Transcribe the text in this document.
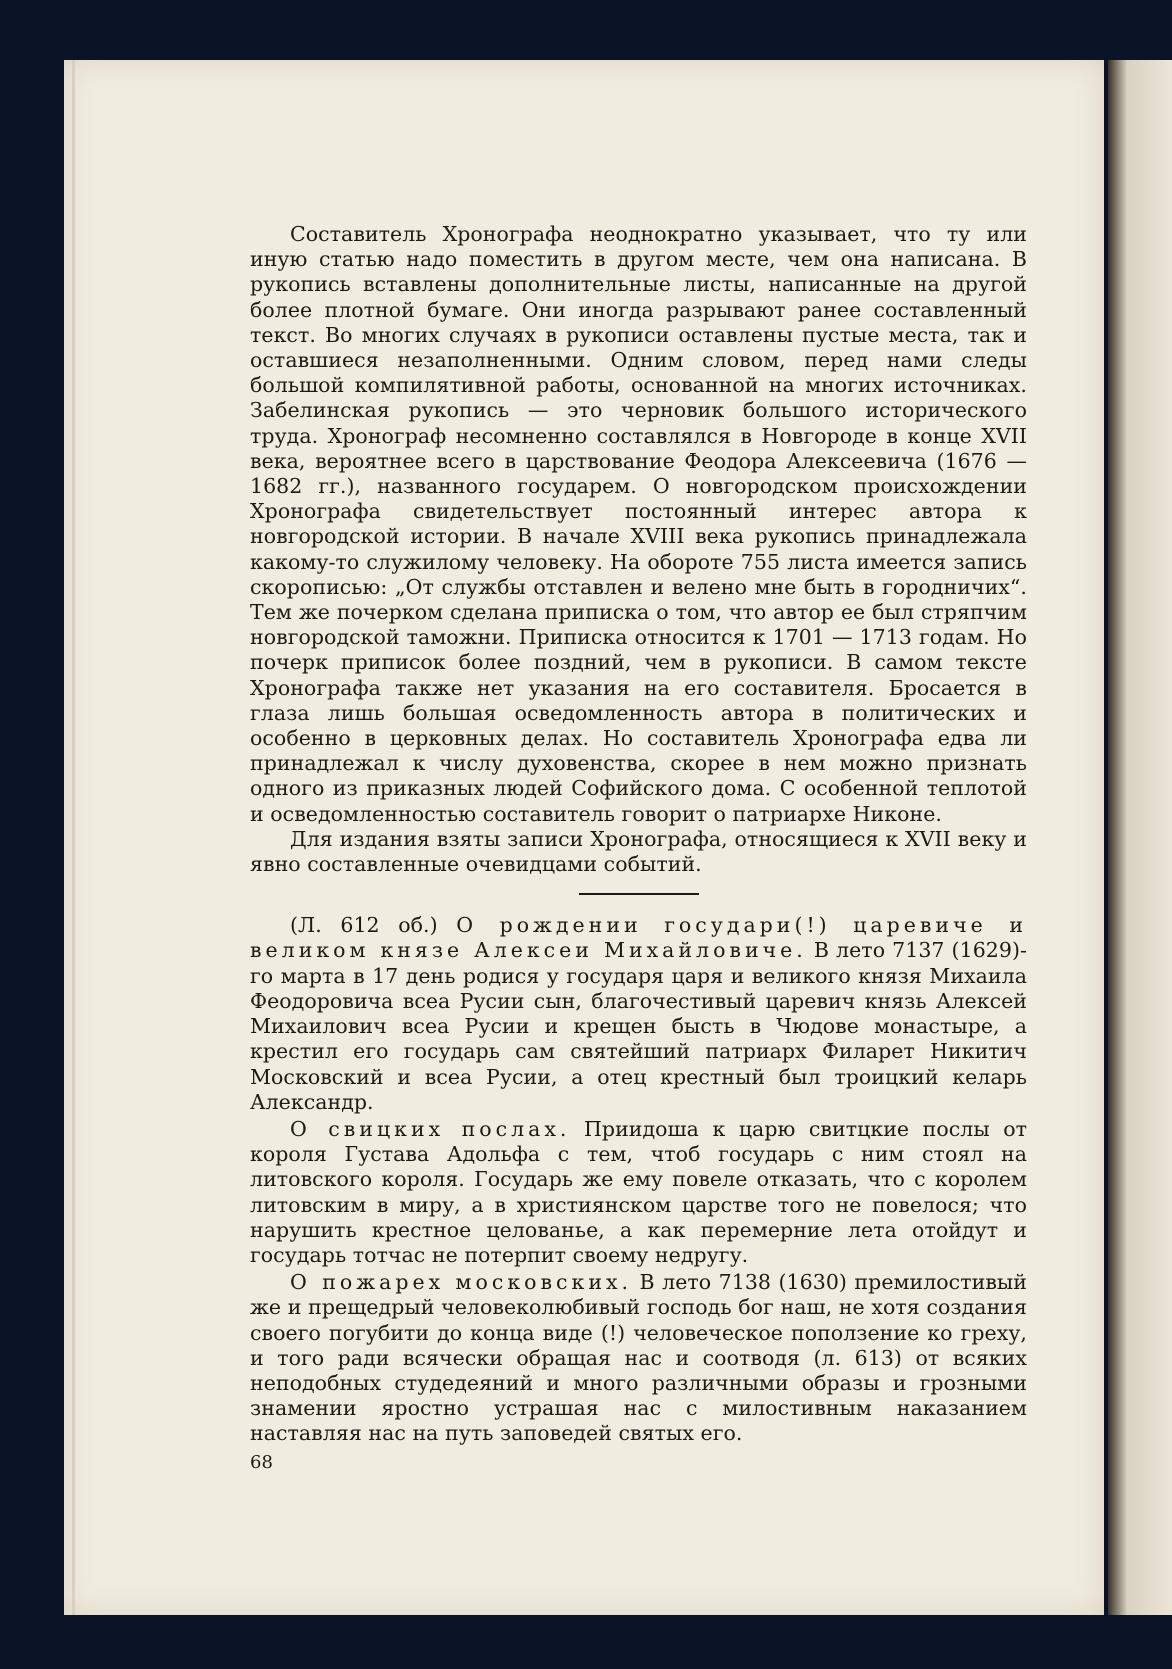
Составитель Хронографа неоднократно указывает, что ту или иную статью надо поместить в другом месте, чем она написана. В рукопись вставлены дополнительные листы, написанные на другой более плотной бумаге. Они иногда разрывают ранее составленный текст. Во многих случаях в рукописи оставлены пустые места, так и оставшиеся незаполненными. Одним словом, перед нами следы большой компилятивной работы, основанной на многих источниках. Забелинская рукопись — это черновик большого исторического труда. Хронограф несомненно составлялся в Новгороде в конце XVII века, вероятнее всего в царствование Феодора Алексеевича (1676 — 1682 гг.), названного государем. О новгородском происхождении Хронографа свидетельствует постоянный интерес автора к новгородской истории. В начале XVIII века рукопись принадлежала какому-то служилому человеку. На обороте 755 листа имеется запись скорописью: „От службы отставлен и велено мне быть в городничих“. Тем же почерком сделана приписка о том, что автор ее был стряпчим новгородской таможни. Приписка относится к 1701 — 1713 годам. Но почерк приписок более поздний, чем в рукописи. В самом тексте Хронографа также нет указания на его составителя. Бросается в глаза лишь большая осведомленность автора в политических и особенно в церковных делах. Но составитель Хронографа едва ли принадлежал к числу духовенства, скорее в нем можно признать одного из приказных людей Софийского дома. С особенной теплотой и осведомленностью составитель говорит о патриархе Никоне.

Для издания взяты записи Хронографа, относящиеся к XVII веку и явно составленные очевидцами событий.

(Л. 612 об.) О рождении государи(!) царевиче и великом князе Алексеи Михайловиче. В лето 7137 (1629)-го марта в 17 день родися у государя царя и великого князя Михаила Феодоровича всеа Русии сын, благочестивый царевич князь Алексей Михаилович всеа Русии и крещен бысть в Чюдове монастыре, а крестил его государь сам святейший патриарх Филарет Никитич Московский и всеа Русии, а отец крестный был троицкий келарь Александр.

О свицких послах. Приидоша к царю свитцкие послы от короля Густава Адольфа с тем, чтоб государь с ним стоял на литовского короля. Государь же ему повеле отказать, что с королем литовским в миру, а в християнском царстве того не повелося; что нарушить крестное целованье, а как перемерние лета отойдут и государь тотчас не потерпит своему недругу.

О пожарех московских. В лето 7138 (1630) премилостивый же и прещедрый человеколюбивый господь бог наш, не хотя создания своего погубити до конца виде (!) человеческое поползение ко греху, и того ради всячески обращая нас и соотводя (л. 613) от всяких неподобных студедеяний и много различными образы и грозными знамении яростно устрашая нас с милостивным наказанием наставляя нас на путь заповедей святых его.

68
